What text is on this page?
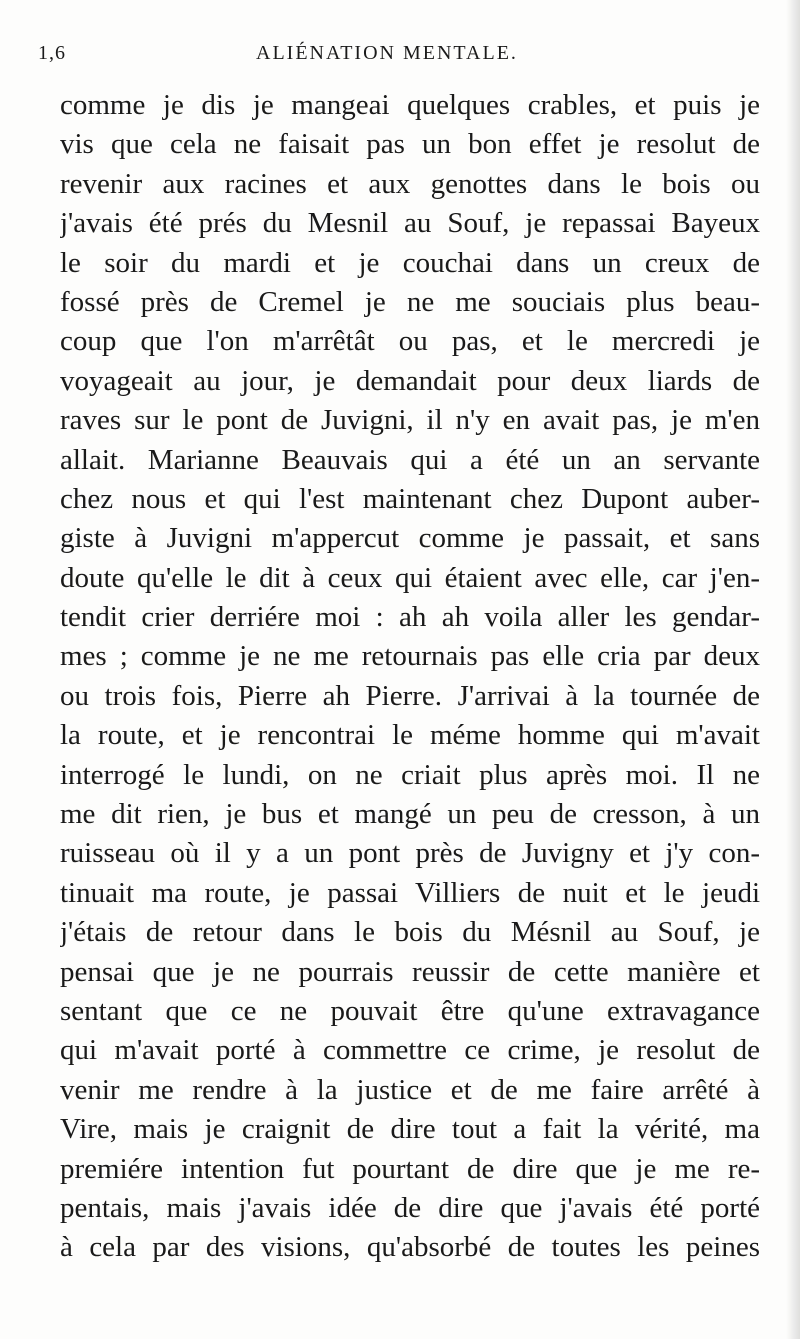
1,6	ALIÉNATION MENTALE.
comme je dis je mangeai quelques crables, et puis je
vis que cela ne faisait pas un bon effet je resolut de
revenir aux racines et aux genottes dans le bois ou
j'avais été prés du Mesnil au Souf, je repassai Bayeux
le soir du mardi et je couchai dans un creux de
fossé près de Cremel je ne me souciais plus beau-
coup que l'on m'arrêtât ou pas, et le mercredi je
voyageait au jour, je demandait pour deux liards de
raves sur le pont de Juvigni, il n'y en avait pas, je m'en
allait. Marianne Beauvais qui a été un an servante
chez nous et qui l'est maintenant chez Dupont auber-
giste à Juvigni m'appercut comme je passait, et sans
doute qu'elle le dit à ceux qui étaient avec elle, car j'en-
tendit crier derriére moi : ah ah voila aller les gendar-
mes ; comme je ne me retournais pas elle cria par deux
ou trois fois, Pierre ah Pierre. J'arrivai à la tournée de
la route, et je rencontrai le méme homme qui m'avait
interrogé le lundi, on ne criait plus après moi. Il ne
me dit rien, je bus et mangé un peu de cresson, à un
ruisseau où il y a un pont près de Juvigny et j'y con-
tinuait ma route, je passai Villiers de nuit et le jeudi
j'étais de retour dans le bois du Mésnil au Souf, je
pensai que je ne pourrais reussir de cette manière et
sentant que ce ne pouvait être qu'une extravagance
qui m'avait porté à commettre ce crime, je resolut de
venir me rendre à la justice et de me faire arrêté à
Vire, mais je craignit de dire tout a fait la vérité, ma
premiére intention fut pourtant de dire que je me re-
pentais, mais j'avais idée de dire que j'avais été porté
à cela par des visions, qu'absorbé de toutes les peines
